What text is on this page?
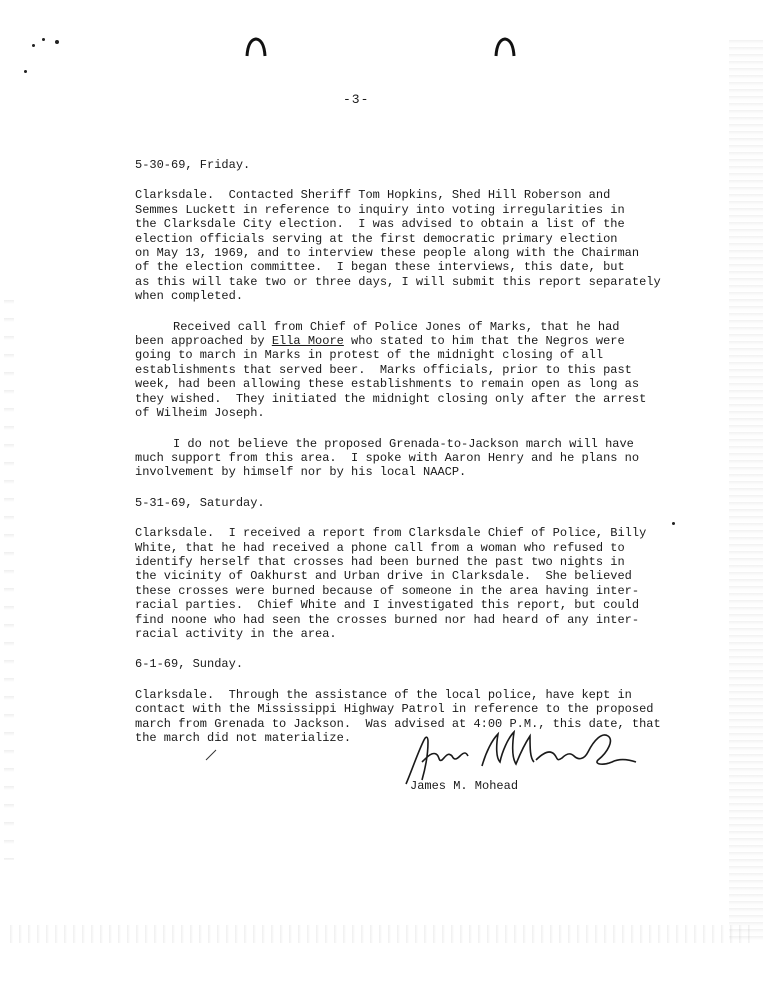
-3-
5-30-69, Friday.
Clarksdale.  Contacted Sheriff Tom Hopkins, Shed Hill Roberson and
Semmes Luckett in reference to inquiry into voting irregularities in
the Clarksdale City election.  I was advised to obtain a list of the
election officials serving at the first democratic primary election
on May 13, 1969, and to interview these people along with the Chairman
of the election committee.  I began these interviews, this date, but
as this will take two or three days, I will submit this report separately
when completed.
Received call from Chief of Police Jones of Marks, that he had
been approached by Ella Moore who stated to him that the Negros were
going to march in Marks in protest of the midnight closing of all
establishments that served beer.  Marks officials, prior to this past
week, had been allowing these establishments to remain open as long as
they wished.  They initiated the midnight closing only after the arrest
of Wilheim Joseph.
I do not believe the proposed Grenada-to-Jackson march will have
much support from this area.  I spoke with Aaron Henry and he plans no
involvement by himself nor by his local NAACP.
5-31-69, Saturday.
Clarksdale.  I received a report from Clarksdale Chief of Police, Billy
White, that he had received a phone call from a woman who refused to
identify herself that crosses had been burned the past two nights in
the vicinity of Oakhurst and Urban drive in Clarksdale.  She believed
these crosses were burned because of someone in the area having inter-
racial parties.  Chief White and I investigated this report, but could
find noone who had seen the crosses burned nor had heard of any inter-
racial activity in the area.
6-1-69, Sunday.
Clarksdale.  Through the assistance of the local police, have kept in
contact with the Mississippi Highway Patrol in reference to the proposed
march from Grenada to Jackson.  Was advised at 4:00 P.M., this date, that
the march did not materialize.
James M. Mohead
